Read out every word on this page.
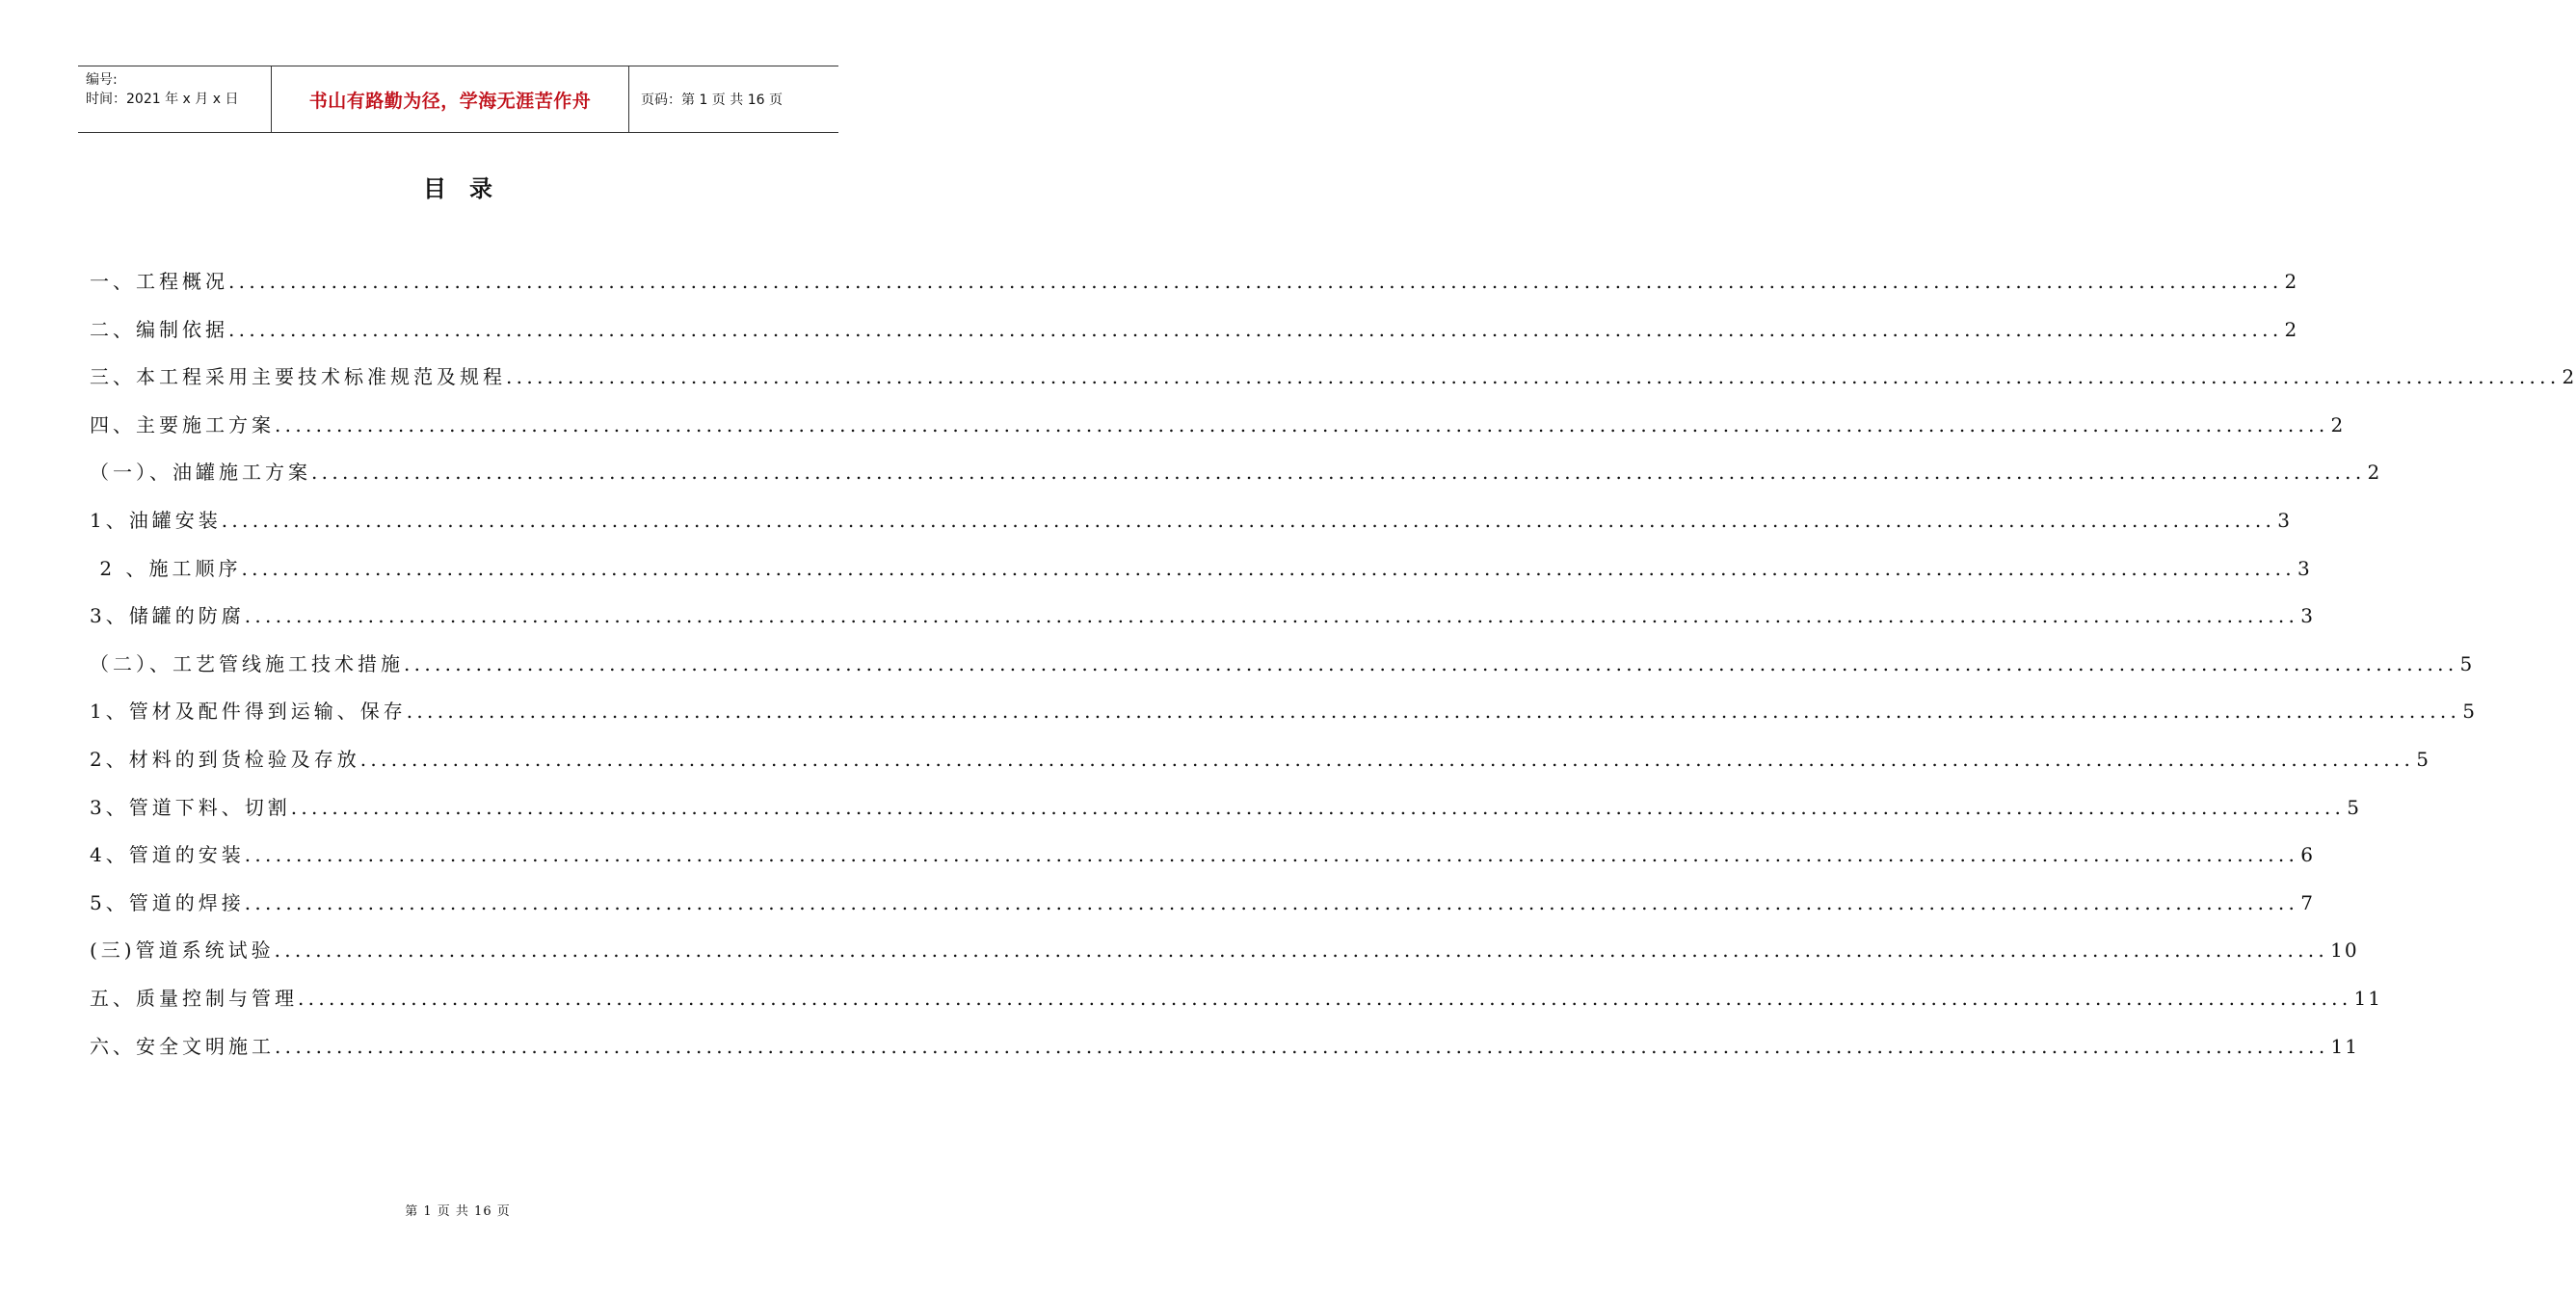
编号:
时间：2021 年 x 月 x 日	书山有路勤为径，学海无涯苦作舟	页码：第 1 页 共 16 页
目录
一、工程概况 ........................................................................................................................................................................................................ 2
二、编制依据 ........................................................................................................................................................................................................ 2
三、本工程采用主要技术标准规范及规程 ........................................................................................................................................................................................................ 2
四、主要施工方案 ........................................................................................................................................................................................................ 2
（一）、油罐施工方案 ........................................................................................................................................................................................................ 2
1、油罐安装 ........................................................................................................................................................................................................ 3
2 、施工顺序 ........................................................................................................................................................................................................ 3
3、储罐的防腐 ........................................................................................................................................................................................................ 3
（二）、工艺管线施工技术措施 ........................................................................................................................................................................................................ 5
1、管材及配件得到运输、保存 ........................................................................................................................................................................................................ 5
2、材料的到货检验及存放 ........................................................................................................................................................................................................ 5
3、管道下料、切割 ........................................................................................................................................................................................................ 5
4、管道的安装 ........................................................................................................................................................................................................ 6
5、管道的焊接 ........................................................................................................................................................................................................ 7
(三)管道系统试验 ........................................................................................................................................................................................................ 10
五、质量控制与管理 ........................................................................................................................................................................................................ 11
六、安全文明施工 ........................................................................................................................................................................................................ 11
第 1 页 共 16 页
